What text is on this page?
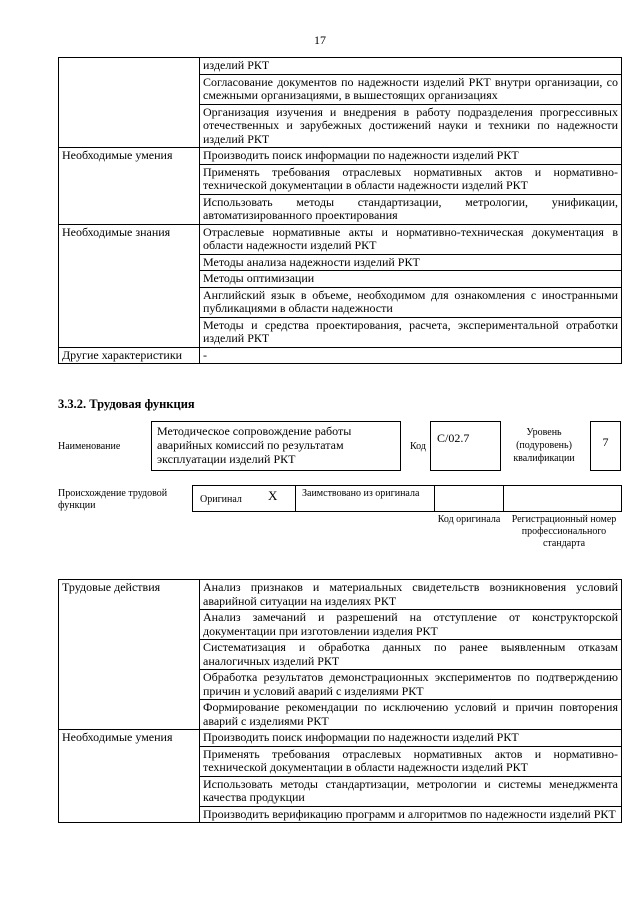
17
	изделий РКТ
	Согласование документов по надежности изделий РКТ внутри организации, со смежными организациями, в вышестоящих организациях
	Организация изучения и внедрения в работу подразделения прогрессивных отечественных и зарубежных достижений науки и техники по надежности изделий РКТ
Необходимые умения	Производить поиск информации по надежности изделий РКТ
	Применять требования отраслевых нормативных актов и нормативно-технической документации в области надежности изделий РКТ
	Использовать методы стандартизации, метрологии, унификации, автоматизированного проектирования
Необходимые знания	Отраслевые нормативные акты и нормативно-техническая документация в области надежности изделий РКТ
	Методы анализа надежности изделий РКТ
	Методы оптимизации
	Английский язык в объеме, необходимом для ознакомления с иностранными публикациями в области надежности
	Методы и средства проектирования, расчета, экспериментальной отработки изделий РКТ
Другие характеристики	-
3.3.2. Трудовая функция
Наименование
Методическое сопровождение работы аварийных комиссий по результатам эксплуатации изделий РКТ
Код
C/02.7	Уровень (подуровень) квалификации
7
Происхождение трудовой функции
Оригинал X Заимствовано из оригинала
Код оригинала	Регистрационный номер профессионального стандарта
Трудовые действия	Анализ признаков и материальных свидетельств возникновения условий аварийной ситуации на изделиях РКТ
	Анализ замечаний и разрешений на отступление от конструкторской документации при изготовлении изделия РКТ
	Систематизация и обработка данных по ранее выявленным отказам аналогичных изделий РКТ
	Обработка результатов демонстрационных экспериментов по подтверждению причин и условий аварий с изделиями РКТ
	Формирование рекомендации по исключению условий и причин повторения аварий с изделиями РКТ
Необходимые умения	Производить поиск информации по надежности изделий РКТ
	Применять требования отраслевых нормативных актов и нормативно-технической документации в области надежности изделий РКТ
	Использовать методы стандартизации, метрологии и системы менеджмента качества продукции
	Производить верификацию программ и алгоритмов по надежности изделий РКТ
